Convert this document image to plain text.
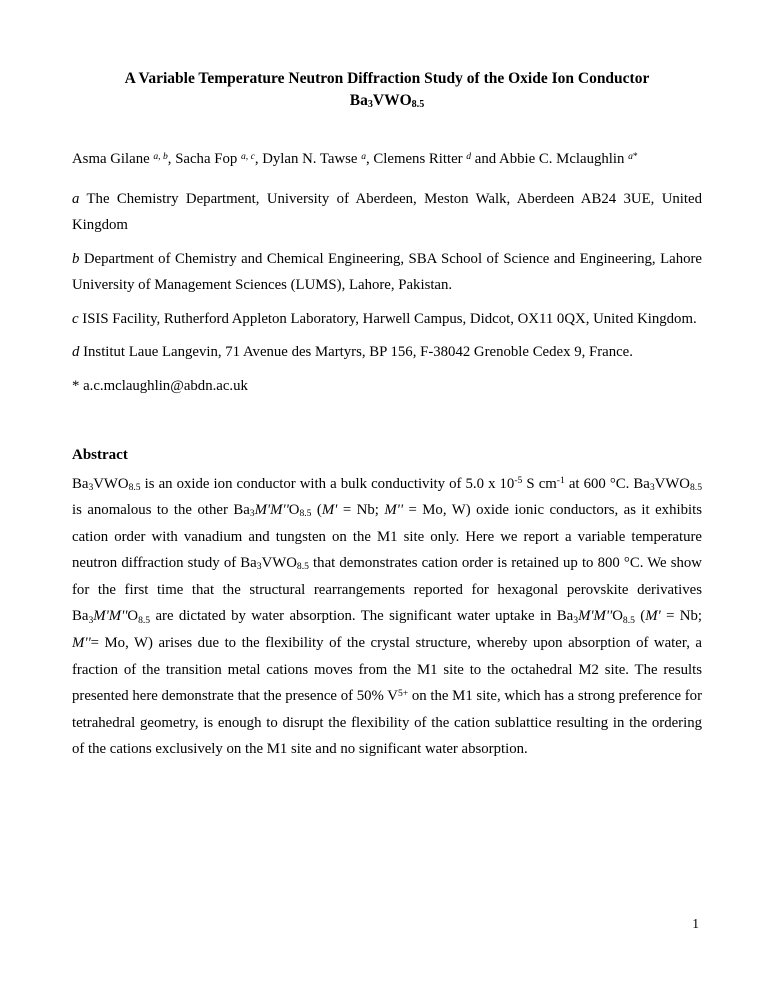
A Variable Temperature Neutron Diffraction Study of the Oxide Ion Conductor
$Ba_3VWO_{8.5}$

Asma Gilane $^{a, b}$, Sacha Fop $^{a, c}$, Dylan N. Tawse $^a$, Clemens Ritter $^d$ and Abbie C. Mclaughlin $^{a*}$

a The Chemistry Department, University of Aberdeen, Meston Walk, Aberdeen AB24 3UE, United Kingdom

b Department of Chemistry and Chemical Engineering, SBA School of Science and Engineering, Lahore University of Management Sciences (LUMS), Lahore, Pakistan.

c ISIS Facility, Rutherford Appleton Laboratory, Harwell Campus, Didcot, OX11 0QX, United Kingdom.

d Institut Laue Langevin, 71 Avenue des Martyrs, BP 156, F-38042 Grenoble Cedex 9, France.

* a.c.mclaughlin@abdn.ac.uk

Abstract

$Ba_3VWO_{8.5}$ is an oxide ion conductor with a bulk conductivity of 5.0 x $10^{-5}$ S $cm^{-1}$ at 600 °C. $Ba_3VWO_{8.5}$ is anomalous to the other $Ba_3M'M''O_{8.5}$ (M' = Nb; M'' = Mo, W) oxide ionic conductors, as it exhibits cation order with vanadium and tungsten on the M1 site only. Here we report a variable temperature neutron diffraction study of $Ba_3VWO_{8.5}$ that demonstrates cation order is retained up to 800 °C. We show for the first time that the structural rearrangements reported for hexagonal perovskite derivatives $Ba_3M'M''O_{8.5}$ are dictated by water absorption. The significant water uptake in $Ba_3M'M''O_{8.5}$ (M' = Nb; M''= Mo, W) arises due to the flexibility of the crystal structure, whereby upon absorption of water, a fraction of the transition metal cations moves from the M1 site to the octahedral M2 site. The results presented here demonstrate that the presence of 50% $V^{5+}$ on the M1 site, which has a strong preference for tetrahedral geometry, is enough to disrupt the flexibility of the cation sublattice resulting in the ordering of the cations exclusively on the M1 site and no significant water absorption.

1
